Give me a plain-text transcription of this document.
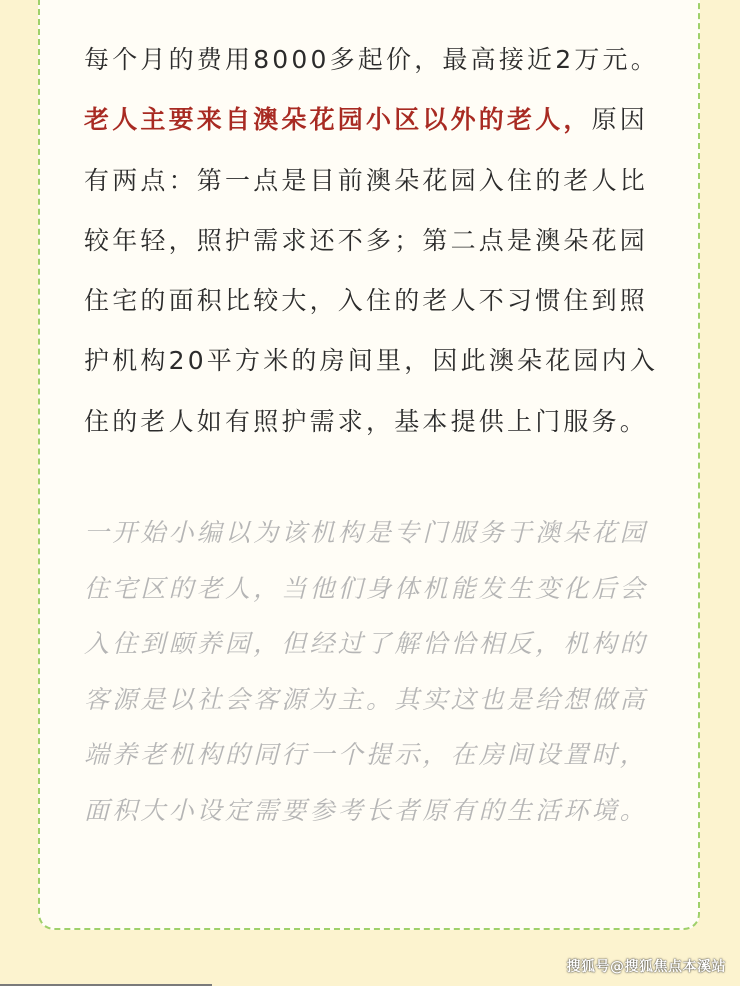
每个月的费用8000多起价，最高接近2万元。老人主要来自澳朵花园小区以外的老人，原因有两点：第一点是目前澳朵花园入住的老人比较年轻，照护需求还不多；第二点是澳朵花园住宅的面积比较大，入住的老人不习惯住到照护机构20平方米的房间里，因此澳朵花园内入住的老人如有照护需求，基本提供上门服务。

一开始小编以为该机构是专门服务于澳朵花园住宅区的老人，当他们身体机能发生变化后会入住到颐养园，但经过了解恰恰相反，机构的客源是以社会客源为主。其实这也是给想做高端养老机构的同行一个提示，在房间设置时，面积大小设定需要参考长者原有的生活环境。

搜狐号@搜狐焦点本溪站
